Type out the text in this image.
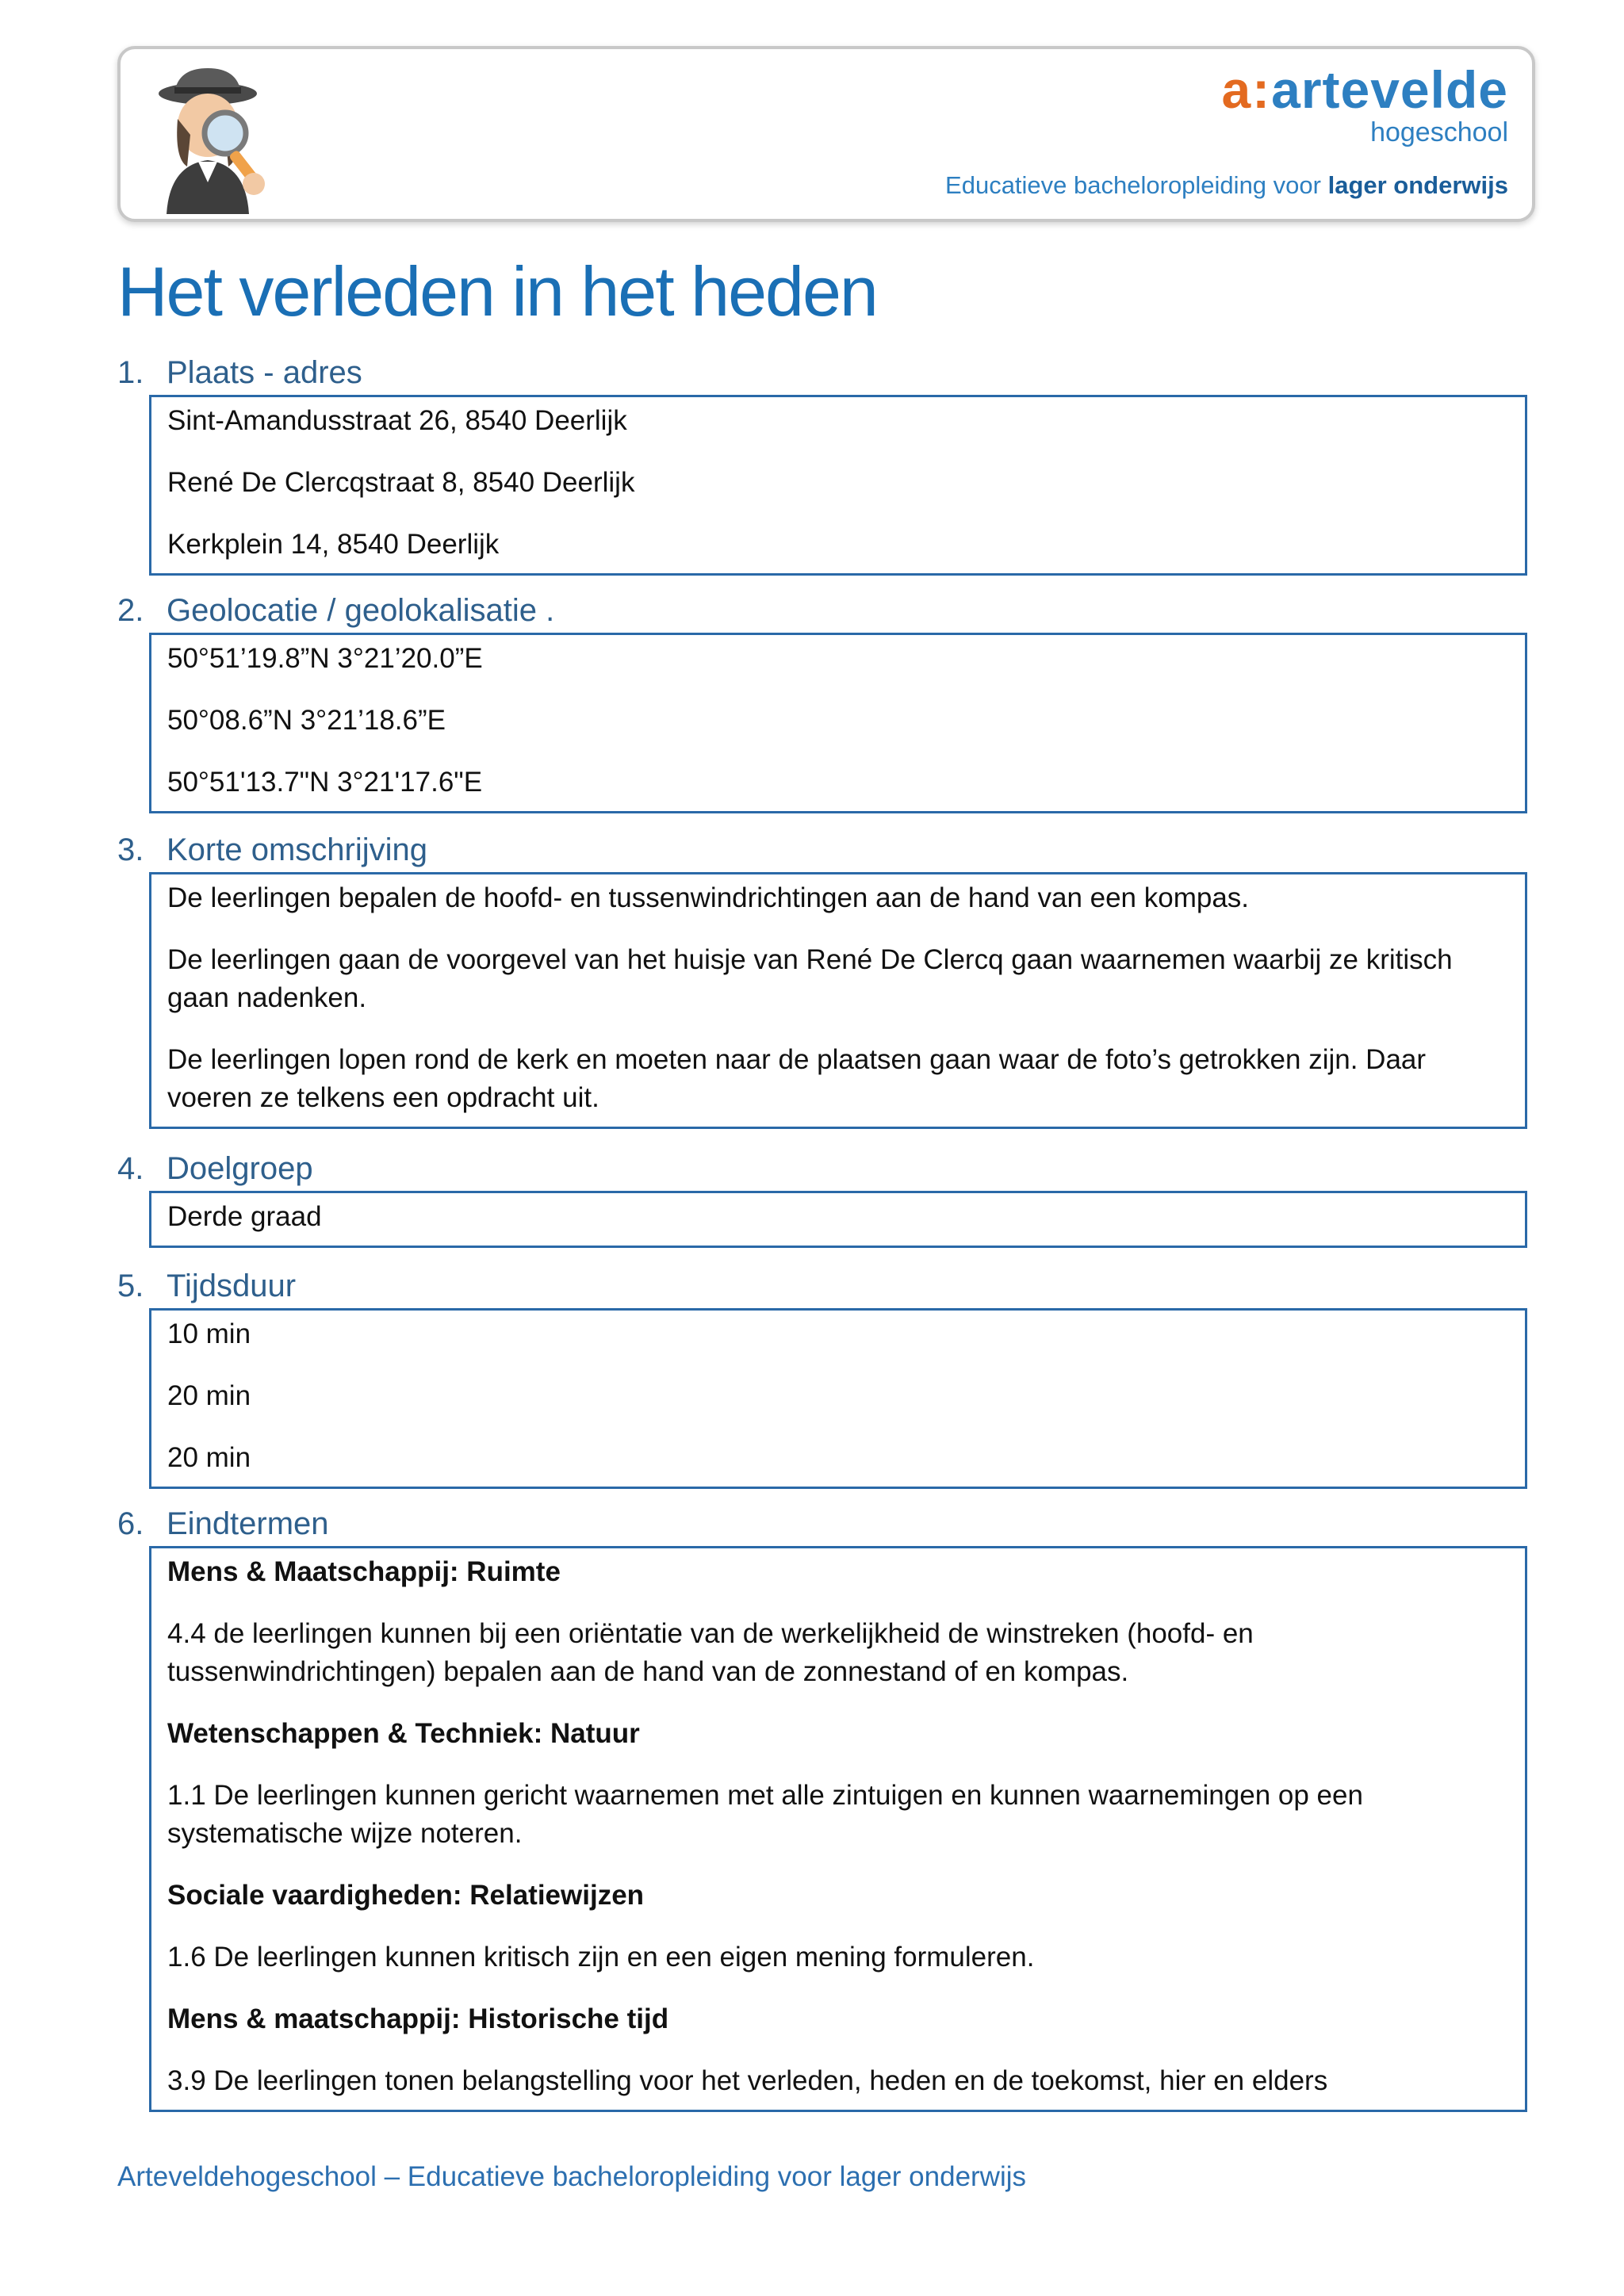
a: artevelde
hogeschool
Educatieve bacheloropleiding voor lager onderwijs
Het verleden in het heden
1. Plaats - adres

Sint-Amandusstraat 26, 8540 Deerlijk

René De Clercqstraat 8, 8540 Deerlijk

Kerkplein 14, 8540 Deerlijk

2. Geolocatie / geolokalisatie .

50°51’19.8”N 3°21’20.0”E

50°08.6”N 3°21’18.6”E

50°51'13.7"N 3°21'17.6"E

3. Korte omschrijving

De leerlingen bepalen de hoofd- en tussenwindrichtingen aan de hand van een kompas.

De leerlingen gaan de voorgevel van het huisje van René De Clercq gaan waarnemen waarbij ze kritisch gaan nadenken.

De leerlingen lopen rond de kerk en moeten naar de plaatsen gaan waar de foto’s getrokken zijn. Daar voeren ze telkens een opdracht uit.

4. Doelgroep

Derde graad

5. Tijdsduur

10 min

20 min

20 min

6. Eindtermen

Mens & Maatschappij: Ruimte

4.4 de leerlingen kunnen bij een oriëntatie van de werkelijkheid de winstreken (hoofd- en tussenwindrichtingen) bepalen aan de hand van de zonnestand of en kompas.

Wetenschappen & Techniek: Natuur

1.1 De leerlingen kunnen gericht waarnemen met alle zintuigen en kunnen waarnemingen op een systematische wijze noteren.

Sociale vaardigheden: Relatiewijzen

1.6 De leerlingen kunnen kritisch zijn en een eigen mening formuleren.

Mens & maatschappij: Historische tijd

3.9 De leerlingen tonen belangstelling voor het verleden, heden en de toekomst, hier en elders

Arteveldehogeschool – Educatieve bacheloropleiding voor lager onderwijs
